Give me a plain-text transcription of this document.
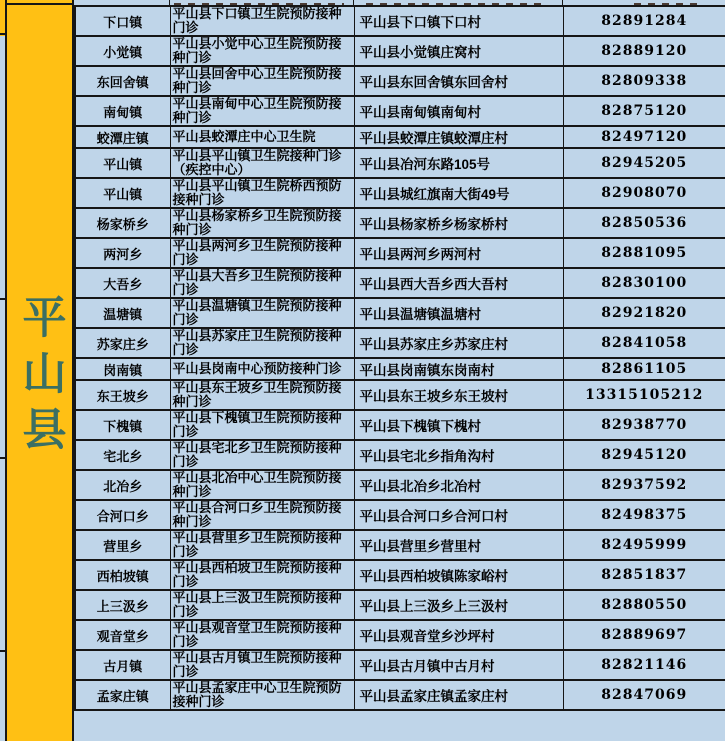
平山县
下口镇	平山县下口镇卫生院预防接种门诊	平山县下口镇下口村	82891284
小觉镇	平山县小觉中心卫生院预防接种门诊	平山县小觉镇庄窝村	82889120
东回舍镇	平山县回舍中心卫生院预防接种门诊	平山县东回舍镇东回舍村	82809338
南甸镇	平山县南甸中心卫生院预防接种门诊	平山县南甸镇南甸村	82875120
蛟潭庄镇	平山县蛟潭庄中心卫生院	平山县蛟潭庄镇蛟潭庄村	82497120
平山镇	平山县平山镇卫生院接种门诊（疾控中心）	平山县冶河东路105号	82945205
平山镇	平山县平山镇卫生院桥西预防接种门诊	平山县城红旗南大街49号	82908070
杨家桥乡	平山县杨家桥乡卫生院预防接种门诊	平山县杨家桥乡杨家桥村	82850536
两河乡	平山县两河乡卫生院预防接种门诊	平山县两河乡两河村	82881095
大吾乡	平山县大吾乡卫生院预防接种门诊	平山县西大吾乡西大吾村	82830100
温塘镇	平山县温塘镇卫生院预防接种门诊	平山县温塘镇温塘村	82921820
苏家庄乡	平山县苏家庄卫生院预防接种门诊	平山县苏家庄乡苏家庄村	82841058
岗南镇	平山县岗南中心预防接种门诊	平山县岗南镇东岗南村	82861105
东王坡乡	平山县东王坡乡卫生院预防接种门诊	平山县东王坡乡东王坡村	13315105212
下槐镇	平山县下槐镇卫生院预防接种门诊	平山县下槐镇下槐村	82938770
宅北乡	平山县宅北乡卫生院预防接种门诊	平山县宅北乡指角沟村	82945120
北冶乡	平山县北冶中心卫生院预防接种门诊	平山县北冶乡北冶村	82937592
合河口乡	平山县合河口乡卫生院预防接种门诊	平山县合河口乡合河口村	82498375
营里乡	平山县营里乡卫生院预防接种门诊	平山县营里乡营里村	82495999
西柏坡镇	平山县西柏坡卫生院预防接种门诊	平山县西柏坡镇陈家峪村	82851837
上三汲乡	平山县上三汲卫生院预防接种门诊	平山县上三汲乡上三汲村	82880550
观音堂乡	平山县观音堂卫生院预防接种门诊	平山县观音堂乡沙坪村	82889697
古月镇	平山县古月镇卫生院预防接种门诊	平山县古月镇中古月村	82821146
孟家庄镇	平山县孟家庄中心卫生院预防接种门诊	平山县孟家庄镇孟家庄村	82847069
